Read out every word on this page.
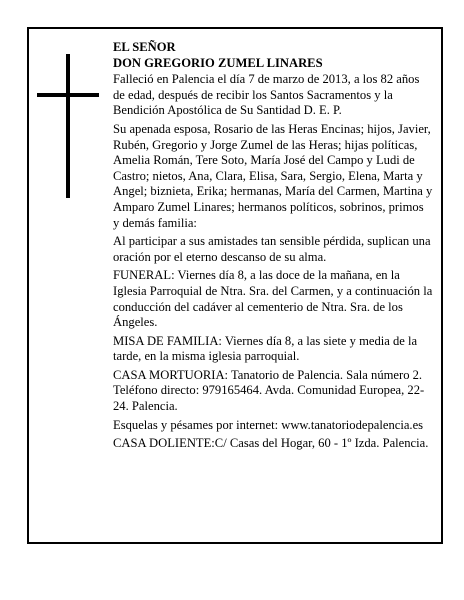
EL SEÑOR

DON GREGORIO ZUMEL LINARES

Falleció en Palencia el día 7 de marzo de 2013, a los 82 años de edad, después de recibir los Santos Sacramentos y la Bendición Apostólica de Su Santidad D. E. P.

Su apenada esposa, Rosario de las Heras Encinas; hijos, Javier, Rubén, Gregorio y Jorge Zumel de las Heras; hijas políticas, Amelia Román, Tere Soto, María José del Campo y Ludi de Castro; nietos, Ana, Clara, Elisa, Sara, Sergio, Elena, Marta y Angel; biznieta, Erika; hermanas, María del Carmen, Martina y Amparo Zumel Linares; hermanos políticos, sobrinos, primos y demás familia:

Al participar a sus amistades tan sensible pérdida, suplican una oración por el eterno descanso de su alma.

FUNERAL: Viernes día 8, a las doce de la mañana, en la Iglesia Parroquial de Ntra. Sra. del Carmen, y a continuación la conducción del cadáver al cementerio de Ntra. Sra. de los Ángeles.

MISA DE FAMILIA: Viernes día 8, a las siete y media de la tarde, en la misma iglesia parroquial.

CASA MORTUORIA: Tanatorio de Palencia. Sala número 2. Teléfono directo: 979165464. Avda. Comunidad Europea, 22-24. Palencia.

Esquelas y pésames por internet: www.tanatoriodepalencia.es

CASA DOLIENTE:C/ Casas del Hogar, 60 - 1º Izda. Palencia.
